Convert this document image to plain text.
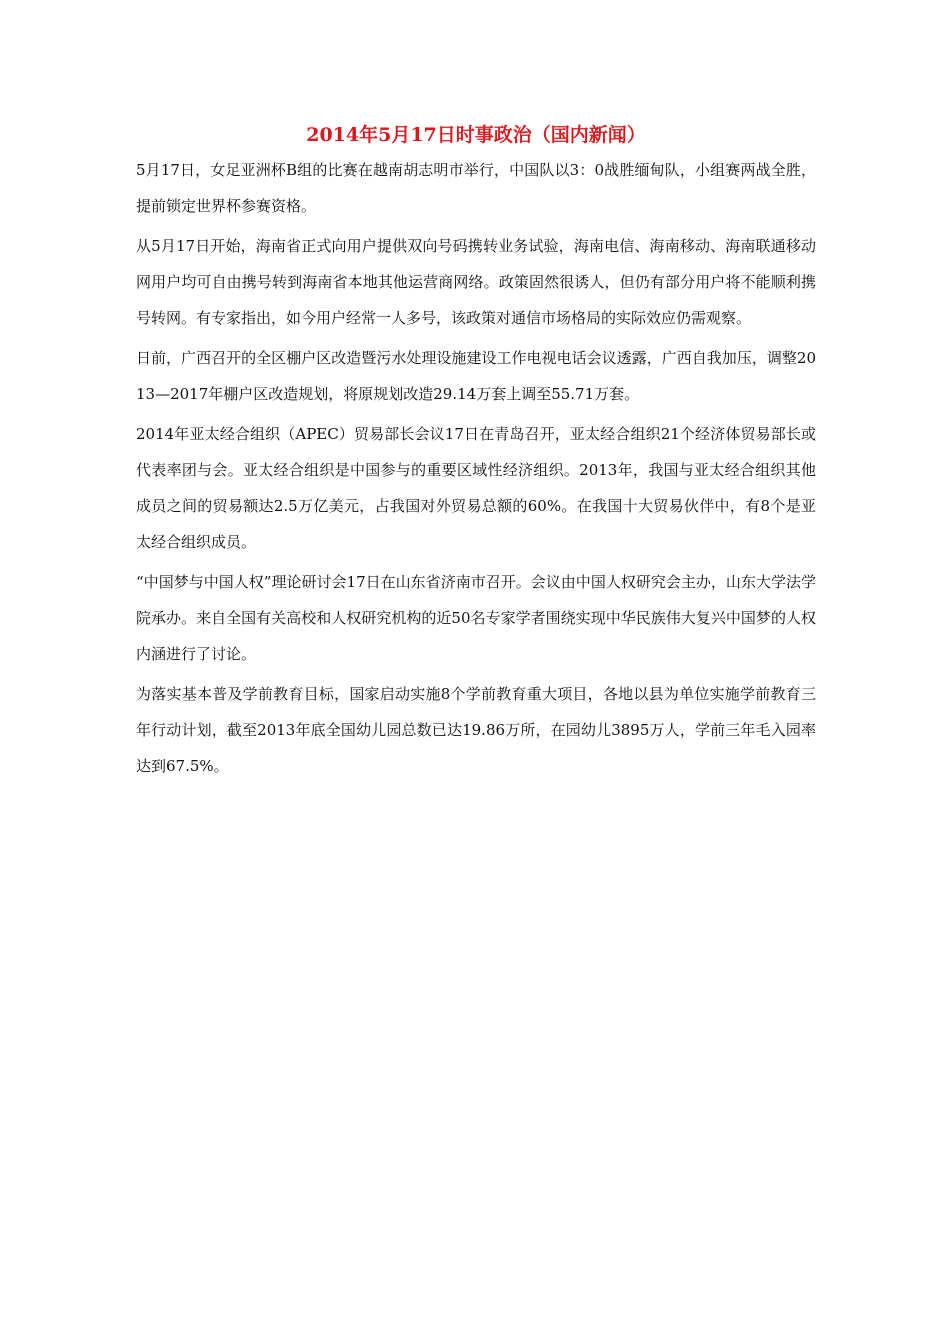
2014年5月17日时事政治（国内新闻）

5月17日，女足亚洲杯B组的比赛在越南胡志明市举行，中国队以3：0战胜缅甸队，小组赛两战全胜，提前锁定世界杯参赛资格。

从5月17日开始，海南省正式向用户提供双向号码携转业务试验，海南电信、海南移动、海南联通移动网用户均可自由携号转到海南省本地其他运营商网络。政策固然很诱人，但仍有部分用户将不能顺利携号转网。有专家指出，如今用户经常一人多号，该政策对通信市场格局的实际效应仍需观察。

日前，广西召开的全区棚户区改造暨污水处理设施建设工作电视电话会议透露，广西自我加压，调整2013—2017年棚户区改造规划，将原规划改造29.14万套上调至55.71万套。

2014年亚太经合组织（APEC）贸易部长会议17日在青岛召开，亚太经合组织21个经济体贸易部长或代表率团与会。亚太经合组织是中国参与的重要区域性经济组织。2013年，我国与亚太经合组织其他成员之间的贸易额达2.5万亿美元，占我国对外贸易总额的60%。在我国十大贸易伙伴中，有8个是亚太经合组织成员。

“中国梦与中国人权”理论研讨会17日在山东省济南市召开。会议由中国人权研究会主办，山东大学法学院承办。来自全国有关高校和人权研究机构的近50名专家学者围绕实现中华民族伟大复兴中国梦的人权内涵进行了讨论。

为落实基本普及学前教育目标，国家启动实施8个学前教育重大项目，各地以县为单位实施学前教育三年行动计划，截至2013年底全国幼儿园总数已达19.86万所，在园幼儿3895万人，学前三年毛入园率达到67.5%。
